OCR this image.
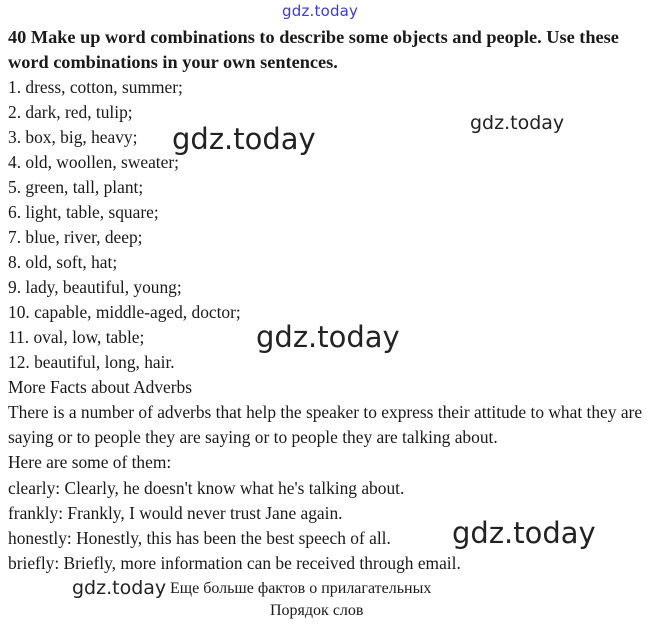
gdz.today

40 Make up word combinations to describe some objects and people. Use these word combinations in your own sentences.

1. dress, cotton, summer;
2. dark, red, tulip;
3. box, big, heavy;
4. old, woollen, sweater;
5. green, tall, plant;
6. light, table, square;
7. blue, river, deep;
8. old, soft, hat;
9. lady, beautiful, young;
10. capable, middle-aged, doctor;
11. oval, low, table;
12. beautiful, long, hair.
More Facts about Adverbs
There is a number of adverbs that help the speaker to express their attitude to what they are saying or to people they are saying or to people they are talking about.
Here are some of them:
clearly: Clearly, he doesn't know what he's talking about.
frankly: Frankly, I would never trust Jane again.
honestly: Honestly, this has been the best speech of all.
briefly: Briefly, more information can be received through email.
Еще больше фактов о прилагательных
Порядок слов
gdz.today	gdz.today
gdz.today
gdz.today
gdz.today
